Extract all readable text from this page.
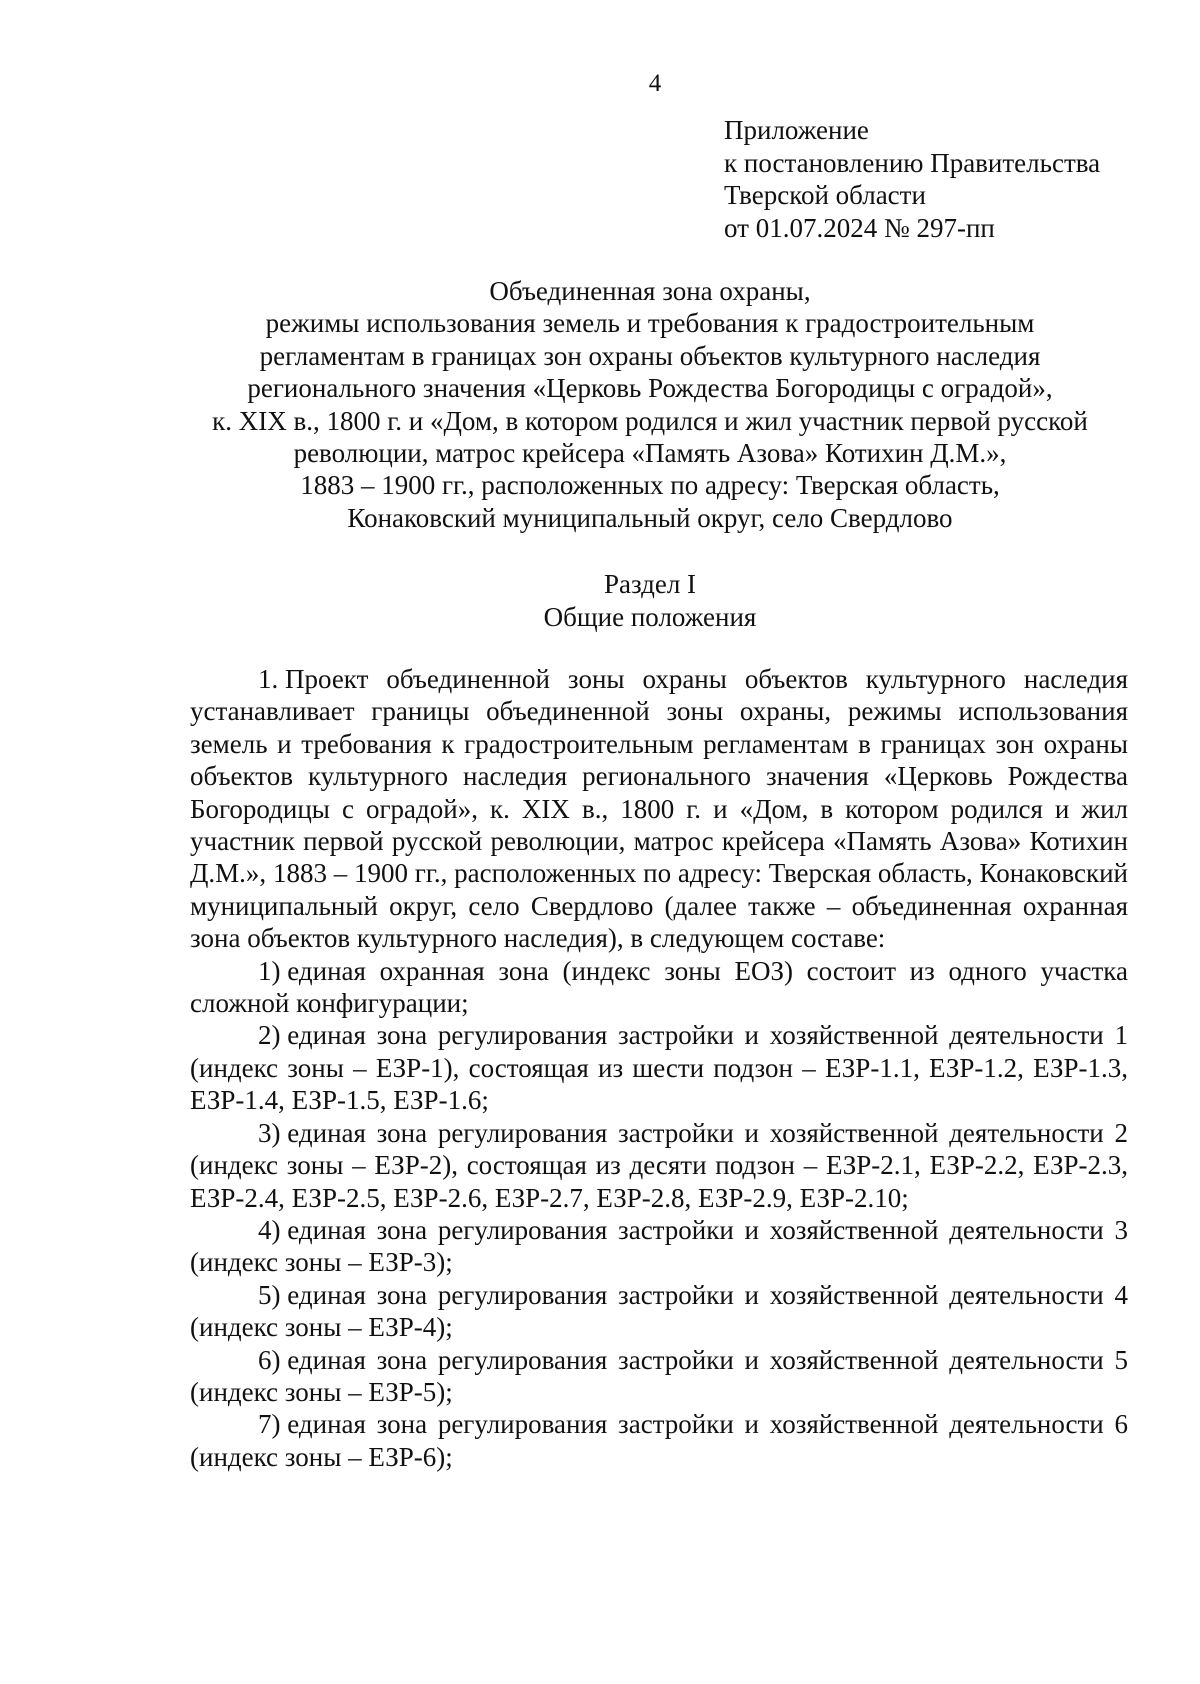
4
Приложение
к постановлению Правительства
Тверской области
от 01.07.2024 № 297-пп
Объединенная зона охраны,
режимы использования земель и требования к градостроительным
регламентам в границах зон охраны объектов культурного наследия
регионального значения «Церковь Рождества Богородицы с оградой»,
к. XIX в., 1800 г. и «Дом, в котором родился и жил участник первой русской
революции, матрос крейсера «Память Азова» Котихин Д.М.»,
1883 – 1900 гг., расположенных по адресу: Тверская область,
Конаковский муниципальный округ, село Свердлово
Раздел I
Общие положения

1. Проект объединенной зоны охраны объектов культурного наследия устанавливает границы объединенной зоны охраны, режимы использования земель и требования к градостроительным регламентам в границах зон охраны объектов культурного наследия регионального значения «Церковь Рождества Богородицы с оградой», к. XIX в., 1800 г. и «Дом, в котором родился и жил участник первой русской революции, матрос крейсера «Память Азова» Котихин Д.М.», 1883 – 1900 гг., расположенных по адресу: Тверская область, Конаковский муниципальный округ, село Свердлово (далее также – объединенная охранная зона объектов культурного наследия), в следующем составе:

1) единая охранная зона (индекс зоны ЕОЗ) состоит из одного участка сложной конфигурации;

2) единая зона регулирования застройки и хозяйственной деятельности 1 (индекс зоны – ЕЗР-1), состоящая из шести подзон – ЕЗР-1.1, ЕЗР-1.2, ЕЗР-1.3, ЕЗР-1.4, ЕЗР-1.5, ЕЗР-1.6;

3) единая зона регулирования застройки и хозяйственной деятельности 2 (индекс зоны – ЕЗР-2), состоящая из десяти подзон – ЕЗР-2.1, ЕЗР-2.2, ЕЗР-2.3, ЕЗР-2.4, ЕЗР-2.5, ЕЗР-2.6, ЕЗР-2.7, ЕЗР-2.8, ЕЗР-2.9, ЕЗР-2.10;

4) единая зона регулирования застройки и хозяйственной деятельности 3 (индекс зоны – ЕЗР-3);

5) единая зона регулирования застройки и хозяйственной деятельности 4 (индекс зоны – ЕЗР-4);

6) единая зона регулирования застройки и хозяйственной деятельности 5 (индекс зоны – ЕЗР-5);

7) единая зона регулирования застройки и хозяйственной деятельности 6 (индекс зоны – ЕЗР-6);
